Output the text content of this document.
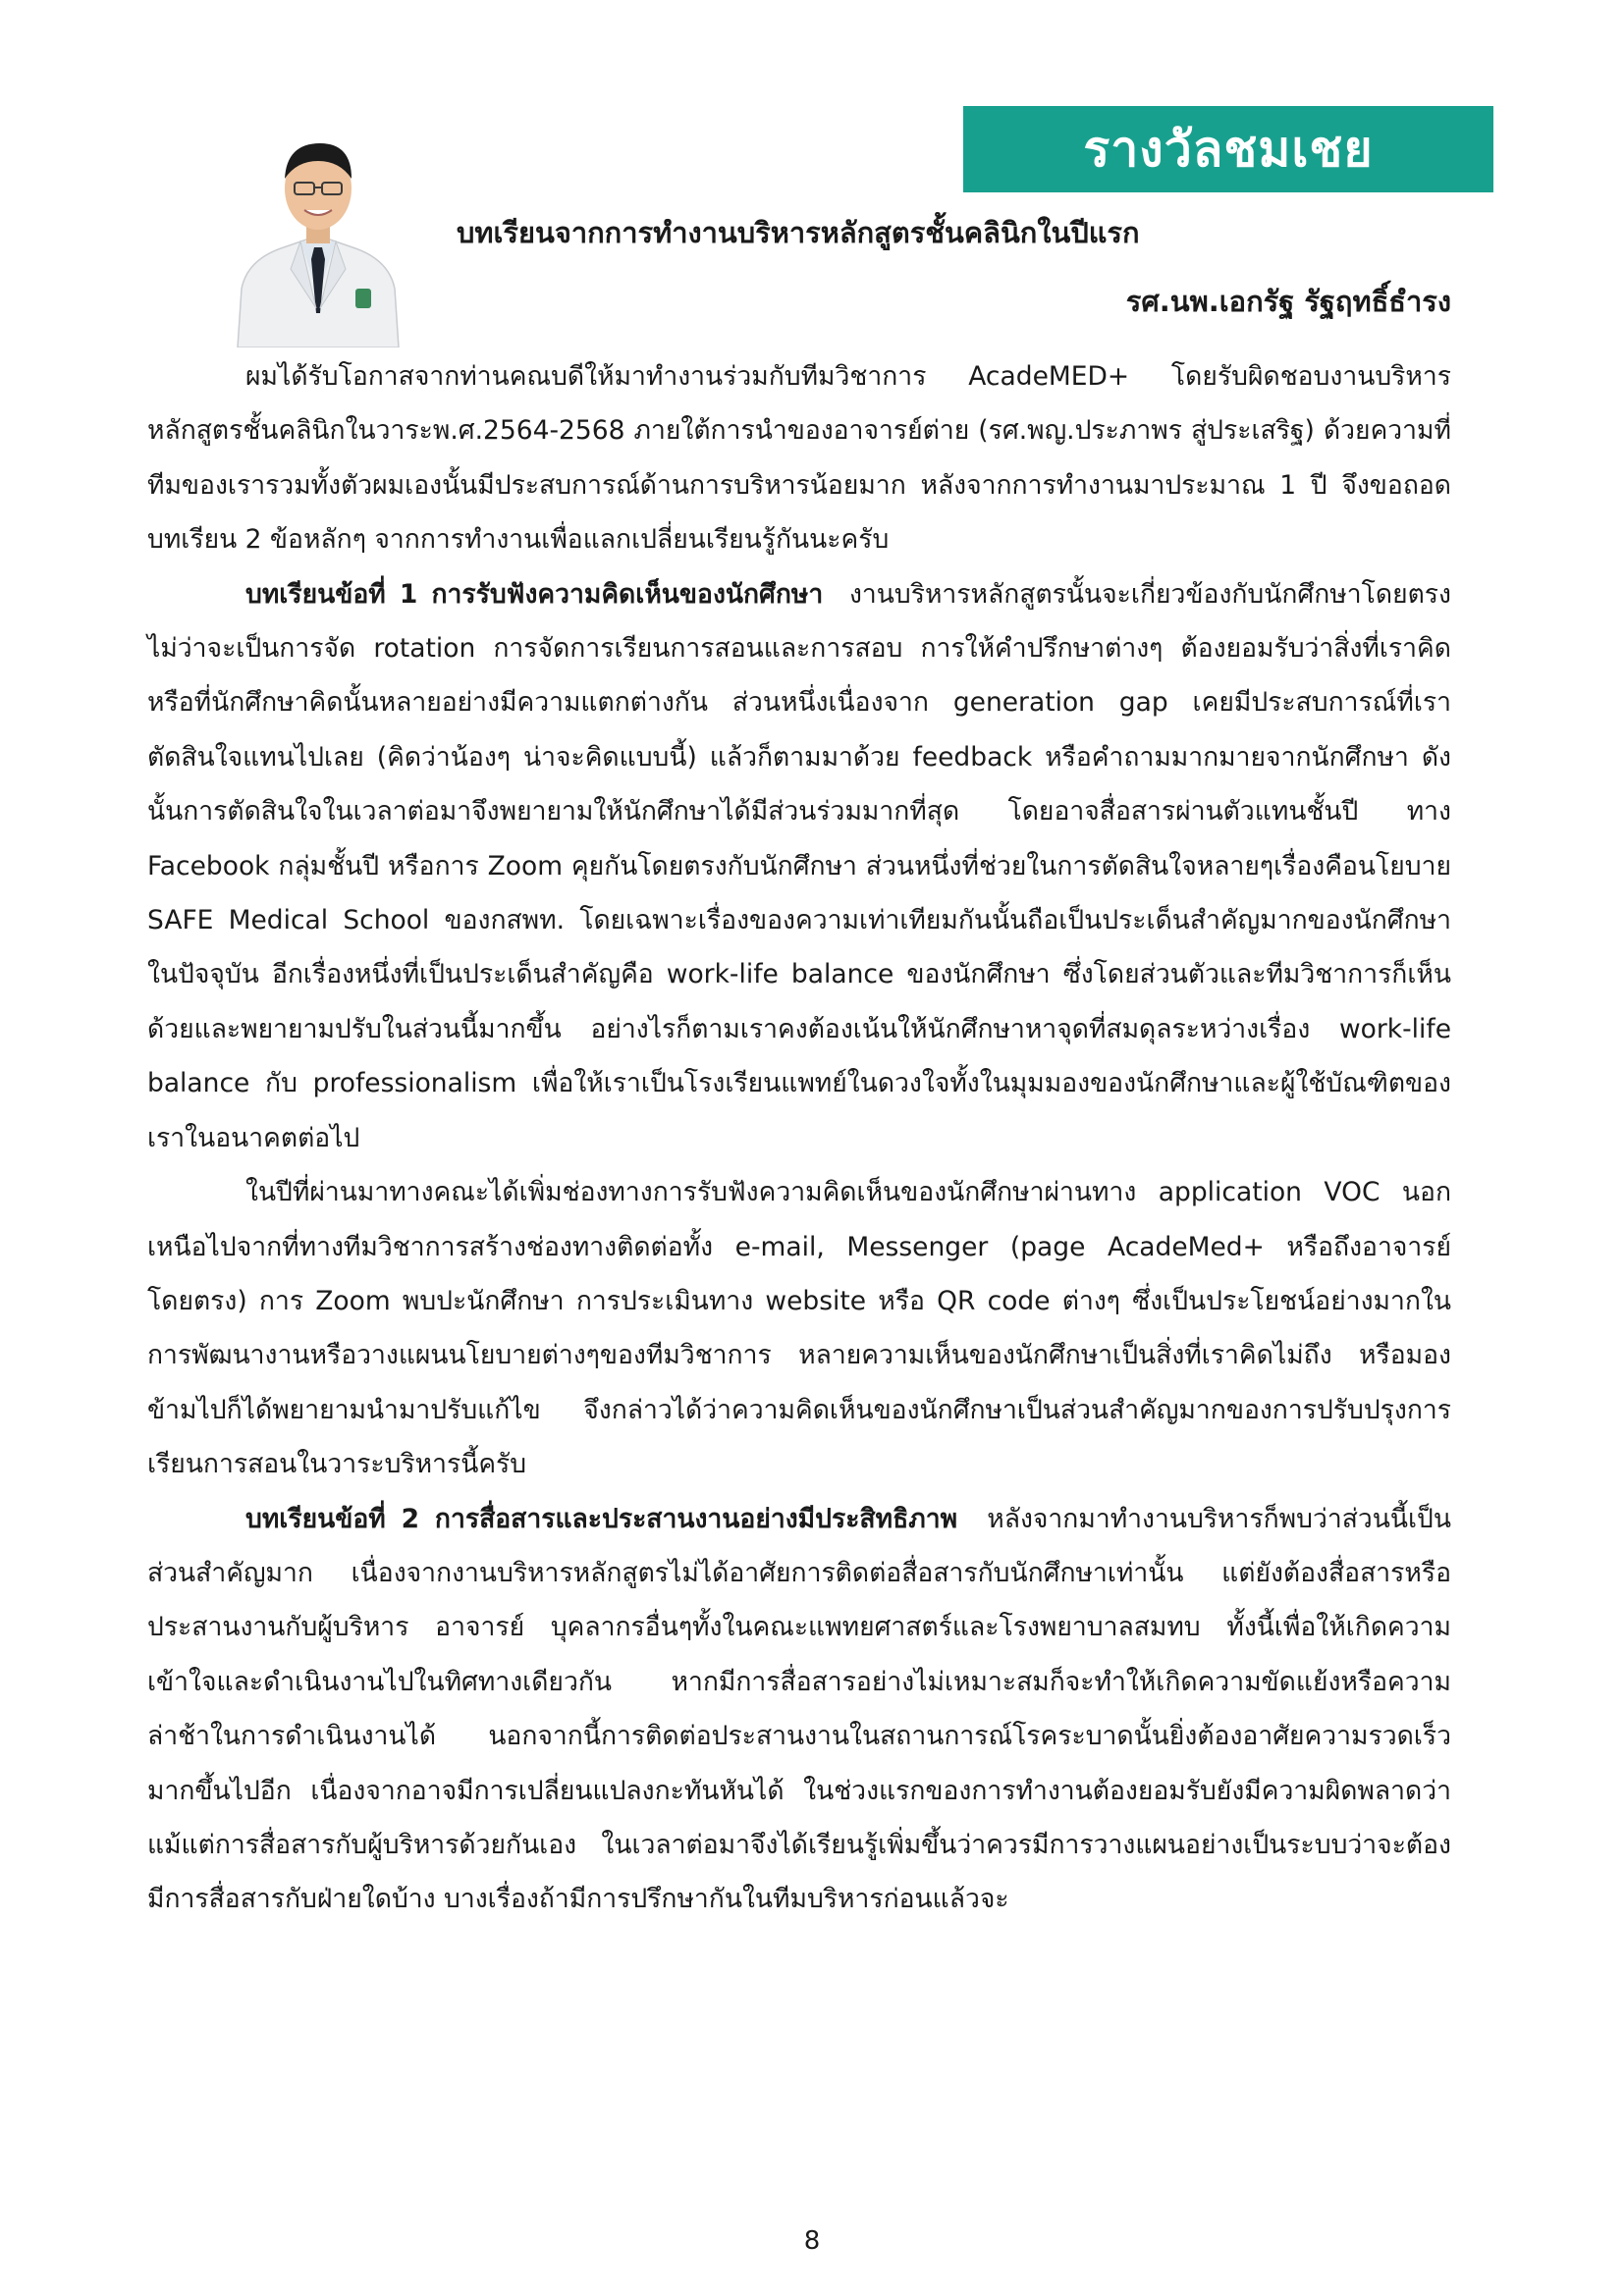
รางวัลชมเชย
บทเรียนจากการทำงานบริหารหลักสูตรชั้นคลินิกในปีแรก
รศ.นพ.เอกรัฐ รัฐฤทธิ์ธำรง

ผมได้รับโอกาสจากท่านคณบดีให้มาทำงานร่วมกับทีมวิชาการ AcadeMED+ โดยรับผิดชอบงานบริหารหลักสูตรชั้นคลินิกในวาระพ.ศ.2564-2568 ภายใต้การนำของอาจารย์ต่าย (รศ.พญ.ประภาพร สู่ประเสริฐ) ด้วยความที่ทีมของเรารวมทั้งตัวผมเองนั้นมีประสบการณ์ด้านการบริหารน้อยมาก หลังจากการทำงานมาประมาณ 1 ปี จึงขอถอดบทเรียน 2 ข้อหลักๆ จากการทำงานเพื่อแลกเปลี่ยนเรียนรู้กันนะครับ

บทเรียนข้อที่ 1 การรับฟังความคิดเห็นของนักศึกษา งานบริหารหลักสูตรนั้นจะเกี่ยวข้องกับนักศึกษาโดยตรง ไม่ว่าจะเป็นการจัด rotation การจัดการเรียนการสอนและการสอบ การให้คำปรึกษาต่างๆ ต้องยอมรับว่าสิ่งที่เราคิดหรือที่นักศึกษาคิดนั้นหลายอย่างมีความแตกต่างกัน ส่วนหนึ่งเนื่องจาก generation gap เคยมีประสบการณ์ที่เราตัดสินใจแทนไปเลย (คิดว่าน้องๆ น่าจะคิดแบบนี้) แล้วก็ตามมาด้วย feedback หรือคำถามมากมายจากนักศึกษา ดังนั้นการตัดสินใจในเวลาต่อมาจึงพยายามให้นักศึกษาได้มีส่วนร่วมมากที่สุด โดยอาจสื่อสารผ่านตัวแทนชั้นปี ทาง Facebook กลุ่มชั้นปี หรือการ Zoom คุยกันโดยตรงกับนักศึกษา ส่วนหนึ่งที่ช่วยในการตัดสินใจหลายๆเรื่องคือนโยบาย SAFE Medical School ของกสพท. โดยเฉพาะเรื่องของความเท่าเทียมกันนั้นถือเป็นประเด็นสำคัญมากของนักศึกษาในปัจจุบัน อีกเรื่องหนึ่งที่เป็นประเด็นสำคัญคือ work-life balance ของนักศึกษา ซึ่งโดยส่วนตัวและทีมวิชาการก็เห็นด้วยและพยายามปรับในส่วนนี้มากขึ้น อย่างไรก็ตามเราคงต้องเน้นให้นักศึกษาหาจุดที่สมดุลระหว่างเรื่อง work-life balance กับ professionalism เพื่อให้เราเป็นโรงเรียนแพทย์ในดวงใจทั้งในมุมมองของนักศึกษาและผู้ใช้บัณฑิตของเราในอนาคตต่อไป

ในปีที่ผ่านมาทางคณะได้เพิ่มช่องทางการรับฟังความคิดเห็นของนักศึกษาผ่านทาง application VOC นอกเหนือไปจากที่ทางทีมวิชาการสร้างช่องทางติดต่อทั้ง e-mail, Messenger (page AcadeMed+ หรือถึงอาจารย์โดยตรง) การ Zoom พบปะนักศึกษา การประเมินทาง website หรือ QR code ต่างๆ ซึ่งเป็นประโยชน์อย่างมากในการพัฒนางานหรือวางแผนนโยบายต่างๆของทีมวิชาการ หลายความเห็นของนักศึกษาเป็นสิ่งที่เราคิดไม่ถึง หรือมองข้ามไปก็ได้พยายามนำมาปรับแก้ไข จึงกล่าวได้ว่าความคิดเห็นของนักศึกษาเป็นส่วนสำคัญมากของการปรับปรุงการเรียนการสอนในวาระบริหารนี้ครับ

บทเรียนข้อที่ 2 การสื่อสารและประสานงานอย่างมีประสิทธิภาพ หลังจากมาทำงานบริหารก็พบว่าส่วนนี้เป็นส่วนสำคัญมาก เนื่องจากงานบริหารหลักสูตรไม่ได้อาศัยการติดต่อสื่อสารกับนักศึกษาเท่านั้น แต่ยังต้องสื่อสารหรือประสานงานกับผู้บริหาร อาจารย์ บุคลากรอื่นๆทั้งในคณะแพทยศาสตร์และโรงพยาบาลสมทบ ทั้งนี้เพื่อให้เกิดความเข้าใจและดำเนินงานไปในทิศทางเดียวกัน หากมีการสื่อสารอย่างไม่เหมาะสมก็จะทำให้เกิดความขัดแย้งหรือความล่าช้าในการดำเนินงานได้ นอกจากนี้การติดต่อประสานงานในสถานการณ์โรคระบาดนั้นยิ่งต้องอาศัยความรวดเร็วมากขึ้นไปอีก เนื่องจากอาจมีการเปลี่ยนแปลงกะทันหันได้ ในช่วงแรกของการทำงานต้องยอมรับยังมีความผิดพลาดว่าแม้แต่การสื่อสารกับผู้บริหารด้วยกันเอง ในเวลาต่อมาจึงได้เรียนรู้เพิ่มขึ้นว่าควรมีการวางแผนอย่างเป็นระบบว่าจะต้องมีการสื่อสารกับฝ่ายใดบ้าง บางเรื่องถ้ามีการปรึกษากันในทีมบริหารก่อนแล้วจะ

8
